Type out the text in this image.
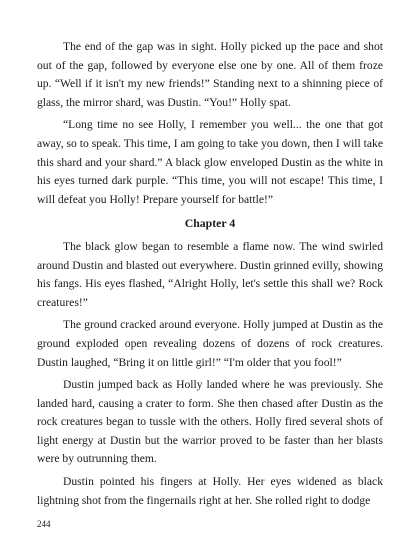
The end of the gap was in sight. Holly picked up the pace and shot out of the gap, followed by everyone else one by one. All of them froze up. “Well if it isn't my new friends!” Standing next to a shinning piece of glass, the mirror shard, was Dustin. “You!” Holly spat.

“Long time no see Holly, I remember you well... the one that got away, so to speak. This time, I am going to take you down, then I will take this shard and your shard.” A black glow enveloped Dustin as the white in his eyes turned dark purple. “This time, you will not escape! This time, I will defeat you Holly! Prepare yourself for battle!”

Chapter 4

The black glow began to resemble a flame now. The wind swirled around Dustin and blasted out everywhere. Dustin grinned evilly, showing his fangs. His eyes flashed, “Alright Holly, let's settle this shall we? Rock creatures!”

The ground cracked around everyone. Holly jumped at Dustin as the ground exploded open revealing dozens of dozens of rock creatures. Dustin laughed, “Bring it on little girl!” “I'm older that you fool!”

Dustin jumped back as Holly landed where he was previously. She landed hard, causing a crater to form. She then chased after Dustin as the rock creatures began to tussle with the others. Holly fired several shots of light energy at Dustin but the warrior proved to be faster than her blasts were by outrunning them.

Dustin pointed his fingers at Holly. Her eyes widened as black lightning shot from the fingernails right at her. She rolled right to dodge

244
